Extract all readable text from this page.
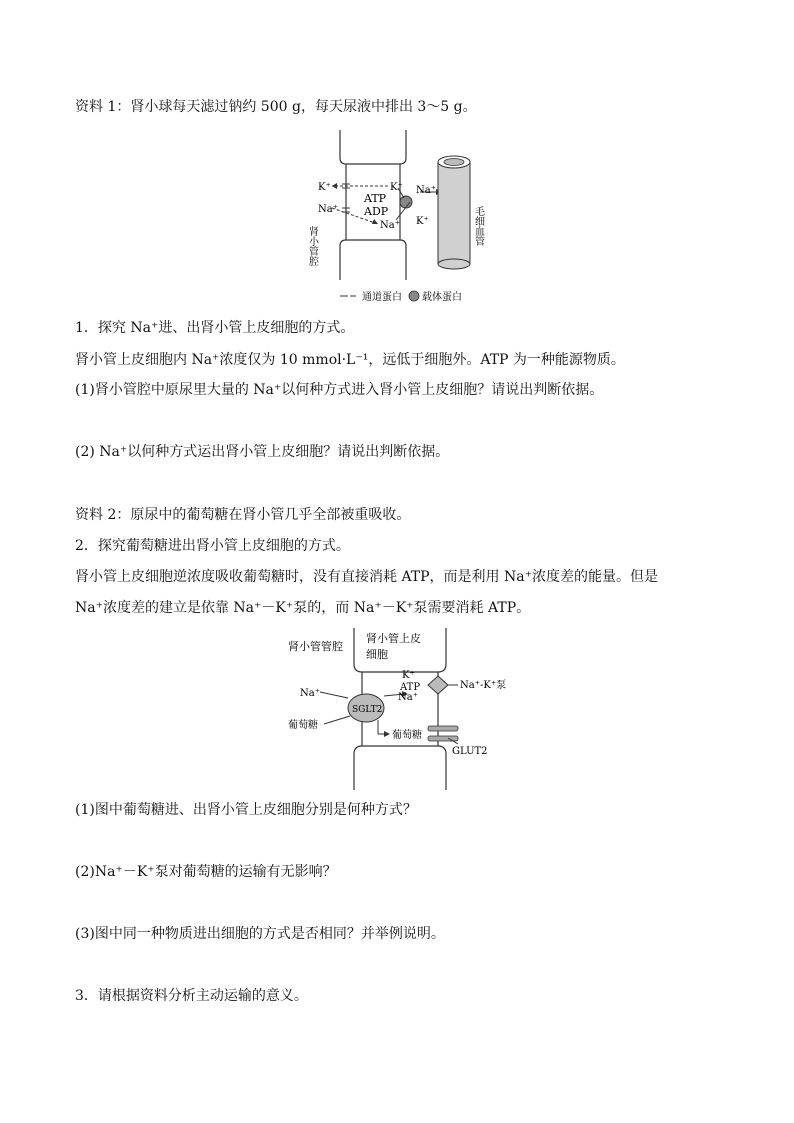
资料 1：肾小球每天滤过钠约 500 g，每天尿液中排出 3～5 g。
K⁺
Na⁺
K⁺
ATP
ADP
Na⁺
Na⁺
K⁺
肾小管腔	毛细血管
通道蛋白 载体蛋白
1．探究 Na⁺进、出肾小管上皮细胞的方式。
肾小管上皮细胞内 Na⁺浓度仅为 10 mmol·L⁻¹，远低于细胞外。ATP 为一种能源物质。
(1)肾小管腔中原尿里大量的 Na⁺以何种方式进入肾小管上皮细胞？请说出判断依据。
(2) Na⁺以何种方式运出肾小管上皮细胞？请说出判断依据。
资料 2：原尿中的葡萄糖在肾小管几乎全部被重吸收。
2．探究葡萄糖进出肾小管上皮细胞的方式。
肾小管上皮细胞逆浓度吸收葡萄糖时，没有直接消耗 ATP，而是利用 Na⁺浓度差的能量。但是
Na⁺浓度差的建立是依靠 Na⁺－K⁺泵的，而 Na⁺－K⁺泵需要消耗 ATP。
肾小管管腔
肾小管上皮
细胞
SGLT2
Na⁺
葡萄糖
K⁺
ATP
Na⁺
Na⁺-K⁺泵
葡萄糖
GLUT2
(1)图中葡萄糖进、出肾小管上皮细胞分别是何种方式？
(2)Na⁺－K⁺泵对葡萄糖的运输有无影响？
(3)图中同一种物质进出细胞的方式是否相同？并举例说明。
3．请根据资料分析主动运输的意义。
